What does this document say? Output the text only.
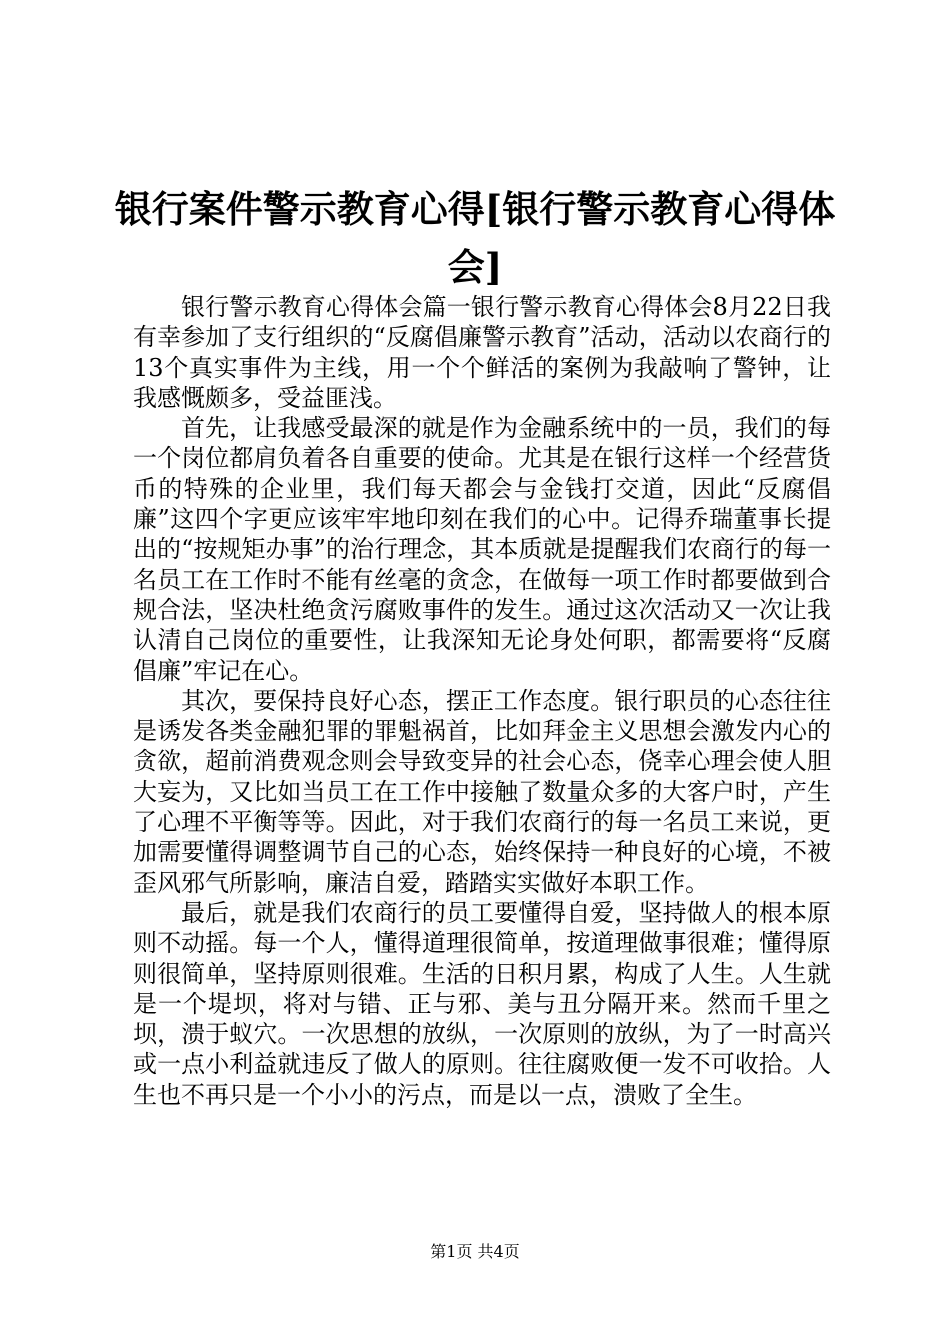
银行案件警示教育心得[银行警示教育心得体会]

银行警示教育心得体会篇一银行警示教育心得体会8月22日我有幸参加了支行组织的“反腐倡廉警示教育”活动，活动以农商行的13个真实事件为主线，用一个个鲜活的案例为我敲响了警钟，让我感慨颇多，受益匪浅。

首先，让我感受最深的就是作为金融系统中的一员，我们的每一个岗位都肩负着各自重要的使命。尤其是在银行这样一个经营货币的特殊的企业里，我们每天都会与金钱打交道，因此“反腐倡廉”这四个字更应该牢牢地印刻在我们的心中。记得乔瑞董事长提出的“按规矩办事”的治行理念，其本质就是提醒我们农商行的每一名员工在工作时不能有丝毫的贪念，在做每一项工作时都要做到合规合法，坚决杜绝贪污腐败事件的发生。通过这次活动又一次让我认清自己岗位的重要性，让我深知无论身处何职，都需要将“反腐倡廉”牢记在心。

其次，要保持良好心态，摆正工作态度。银行职员的心态往往是诱发各类金融犯罪的罪魁祸首，比如拜金主义思想会激发内心的贪欲，超前消费观念则会导致变异的社会心态，侥幸心理会使人胆大妄为，又比如当员工在工作中接触了数量众多的大客户时，产生了心理不平衡等等。因此，对于我们农商行的每一名员工来说，更加需要懂得调整调节自己的心态，始终保持一种良好的心境，不被歪风邪气所影响，廉洁自爱，踏踏实实做好本职工作。

最后，就是我们农商行的员工要懂得自爱，坚持做人的根本原则不动摇。每一个人，懂得道理很简单，按道理做事很难；懂得原则很简单，坚持原则很难。生活的日积月累，构成了人生。人生就是一个堤坝，将对与错、正与邪、美与丑分隔开来。然而千里之坝，溃于蚁穴。一次思想的放纵，一次原则的放纵，为了一时高兴或一点小利益就违反了做人的原则。往往腐败便一发不可收拾。人生也不再只是一个小小的污点，而是以一点，溃败了全生。

第1页 共4页
